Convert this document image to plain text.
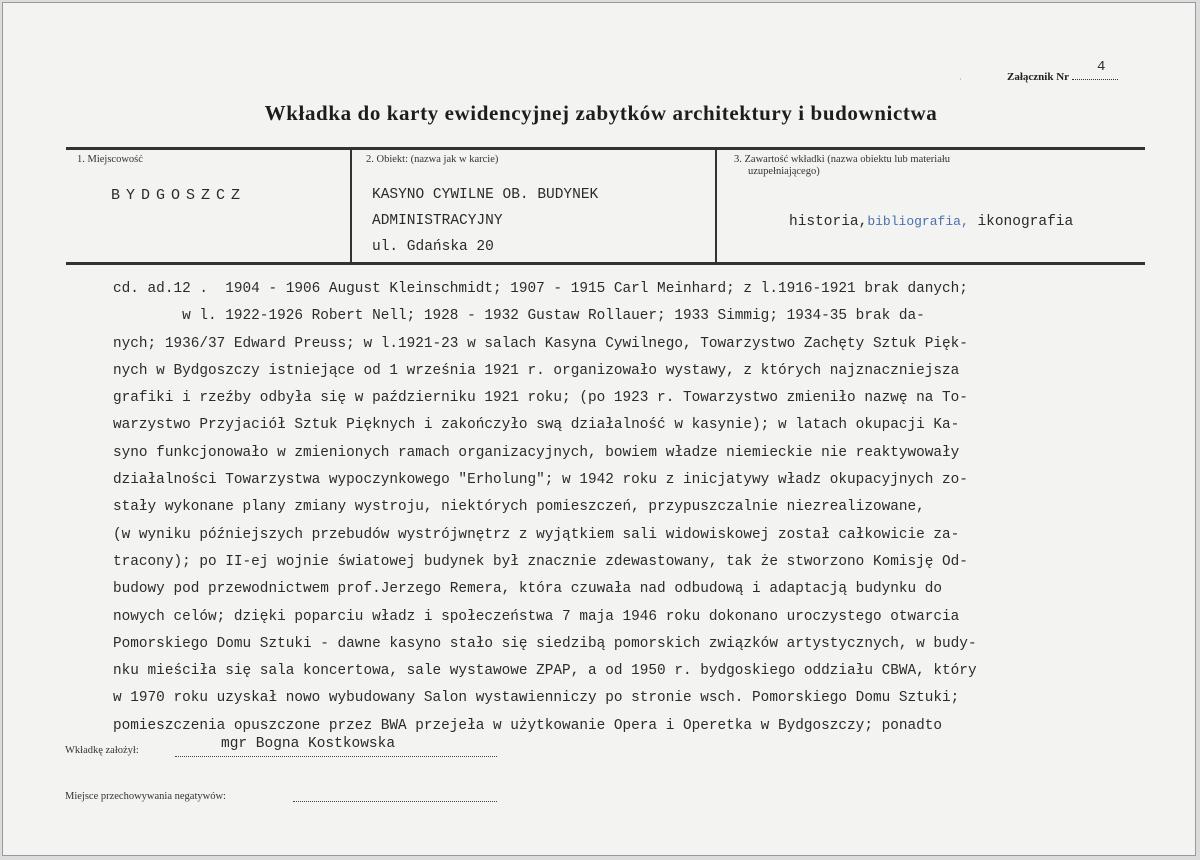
Załącznik Nr
4
Wkładka do karty ewidencyjnej zabytków architektury i budownictwa
1. Miejscowość
BYDGOSZCZ
2. Obiekt: (nazwa jak w karcie)
KASYNO CYWILNE OB. BUDYNEK
ADMINISTRACYJNY
ul. Gdańska 20
3. Zawartość wkładki (nazwa obiektu lub materiału
uzupełniającego)
historia,bibliografia, ikonografia
cd. ad.12 .  1904 - 1906 August Kleinschmidt; 1907 - 1915 Carl Meinhard; z l.1916-1921 brak danych;
w l. 1922-1926 Robert Nell; 1928 - 1932 Gustaw Rollauer; 1933 Simmig; 1934-35 brak da-
nych; 1936/37 Edward Preuss; w l.1921-23 w salach Kasyna Cywilnego, Towarzystwo Zachęty Sztuk Pięk-
nych w Bydgoszczy istniejące od 1 września 1921 r. organizowało wystawy, z których najznaczniejsza
grafiki i rzeźby odbyła się w październiku 1921 roku; (po 1923 r. Towarzystwo zmieniło nazwę na To-
warzystwo Przyjaciół Sztuk Pięknych i zakończyło swą działalność w kasynie); w latach okupacji Ka-
syno funkcjonowało w zmienionych ramach organizacyjnych, bowiem władze niemieckie nie reaktywowały
działalności Towarzystwa wypoczynkowego "Erholung"; w 1942 roku z inicjatywy władz okupacyjnych zo-
stały wykonane plany zmiany wystroju, niektórych pomieszczeń, przypuszczalnie niezrealizowane,
(w wyniku późniejszych przebudów wystrójwnętrz z wyjątkiem sali widowiskowej został całkowicie za-
tracony); po II-ej wojnie światowej budynek był znacznie zdewastowany, tak że stworzono Komisję Od-
budowy pod przewodnictwem prof.Jerzego Remera, która czuwała nad odbudową i adaptacją budynku do
nowych celów; dzięki poparciu władz i społeczeństwa 7 maja 1946 roku dokonano uroczystego otwarcia
Pomorskiego Domu Sztuki - dawne kasyno stało się siedzibą pomorskich związków artystycznych, w budy-
nku mieściła się sala koncertowa, sale wystawowe ZPAP, a od 1950 r. bydgoskiego oddziału CBWA, który
w 1970 roku uzyskał nowo wybudowany Salon wystawienniczy po stronie wsch. Pomorskiego Domu Sztuki;
pomieszczenia opuszczone przez BWA przejeła w użytkowanie Opera i Operetka w Bydgoszczy; ponadto
Wkładkę założył:	mgr Bogna Kostkowska
Miejsce przechowywania negatywów:
·
